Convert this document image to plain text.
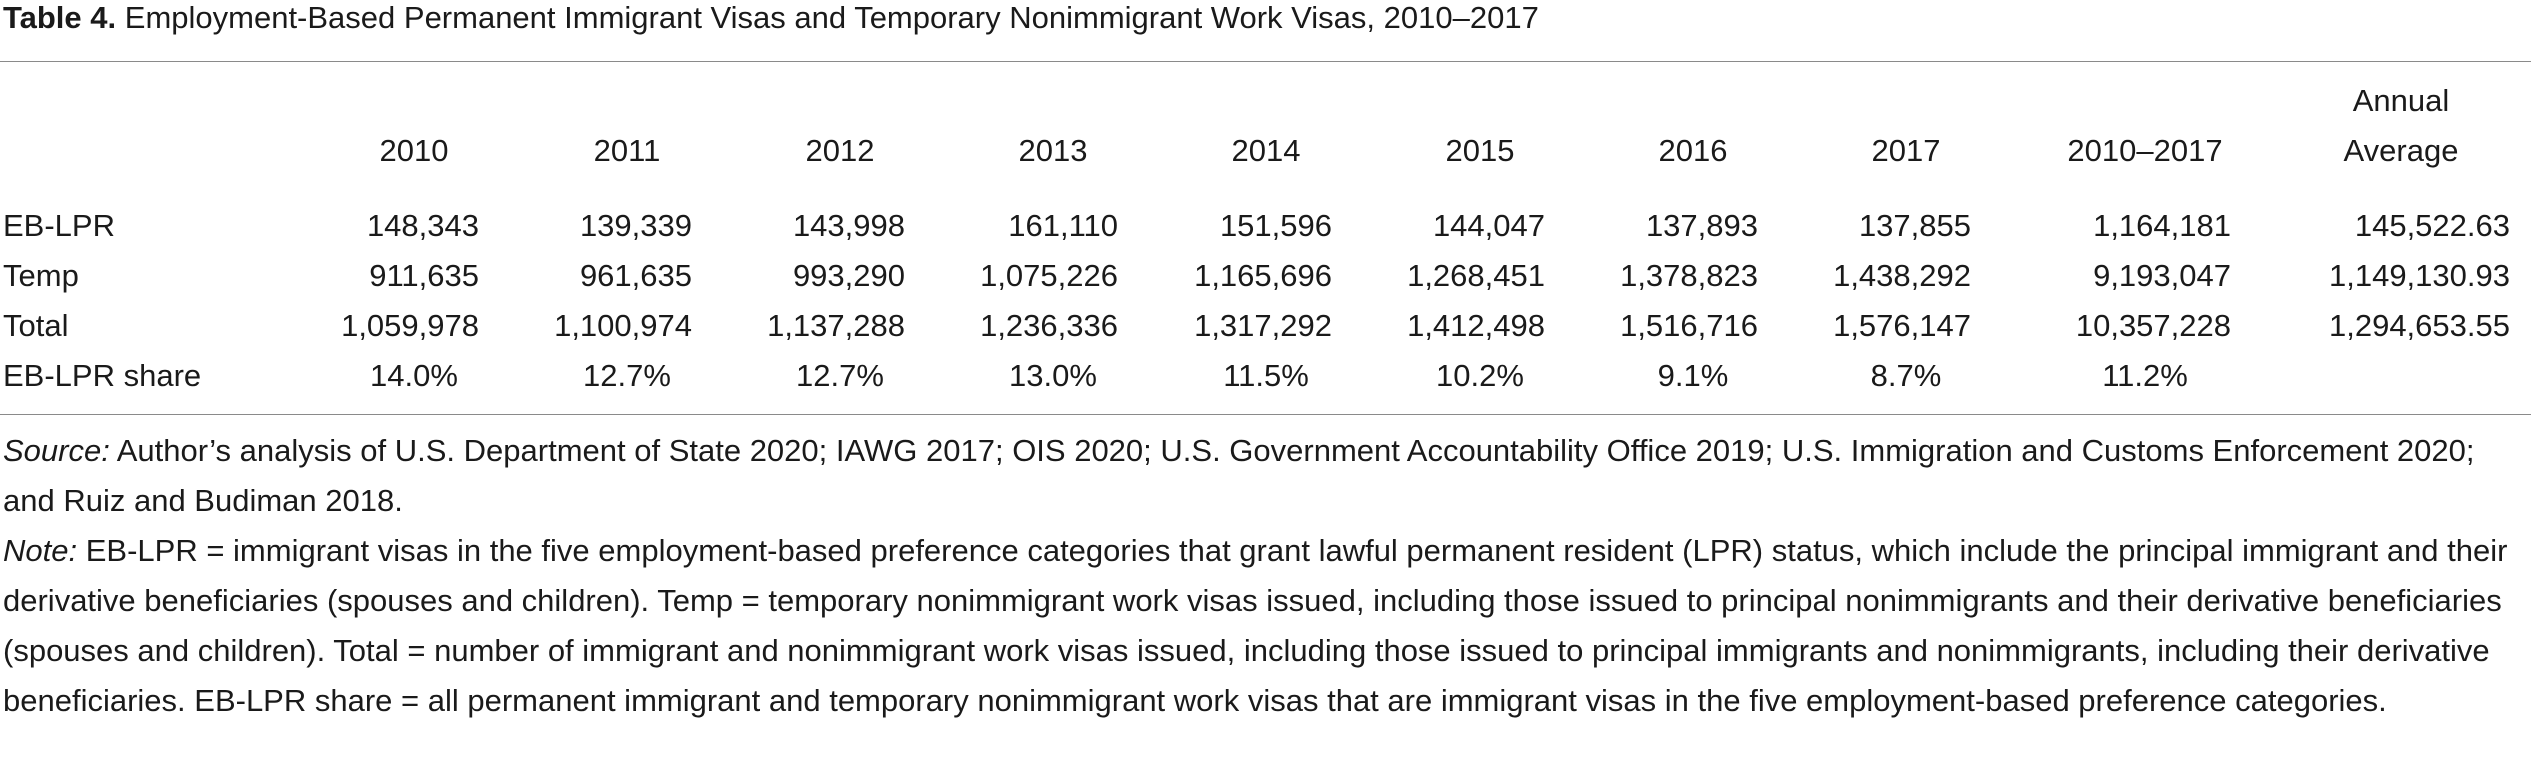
Table 4. Employment-Based Permanent Immigrant Visas and Temporary Nonimmigrant Work Visas, 2010–2017
2010	2011	2012	2013	2014	2015	2016	2017	2010–2017
Annual
Average
EB-LPR	148,343	139,339	143,998	161,110	151,596	144,047	137,893	137,855	1,164,181	145,522.63
Temp	911,635	961,635	993,290 1,075,226 1,165,696 1,268,451 1,378,823 1,438,292	9,193,047	1,149,130.93
Total	1,059,978 1,100,974 1,137,288 1,236,336 1,317,292 1,412,498 1,516,716 1,576,147	10,357,228	1,294,653.55
EB-LPR share	14.0%	12.7%	12.7%	13.0%	11.5%	10.2%	9.1%	8.7%	11.2%

Source: Author’s analysis of U.S. Department of State 2020; IAWG 2017; OIS 2020; U.S. Government Accountability Office 2019; U.S. Immigration and Customs Enforcement 2020; and Ruiz and Budiman 2018.

Note: EB-LPR = immigrant visas in the five employment-based preference categories that grant lawful permanent resident (LPR) status, which include the principal immigrant and their derivative beneficiaries (spouses and children). Temp = temporary nonimmigrant work visas issued, including those issued to principal nonimmigrants and their derivative beneficiaries (spouses and children). Total = number of immigrant and nonimmigrant work visas issued, including those issued to principal immigrants and nonimmigrants, including their derivative beneficiaries. EB-LPR share = all permanent immigrant and temporary nonimmigrant work visas that are immigrant visas in the five employment-based preference categories.
